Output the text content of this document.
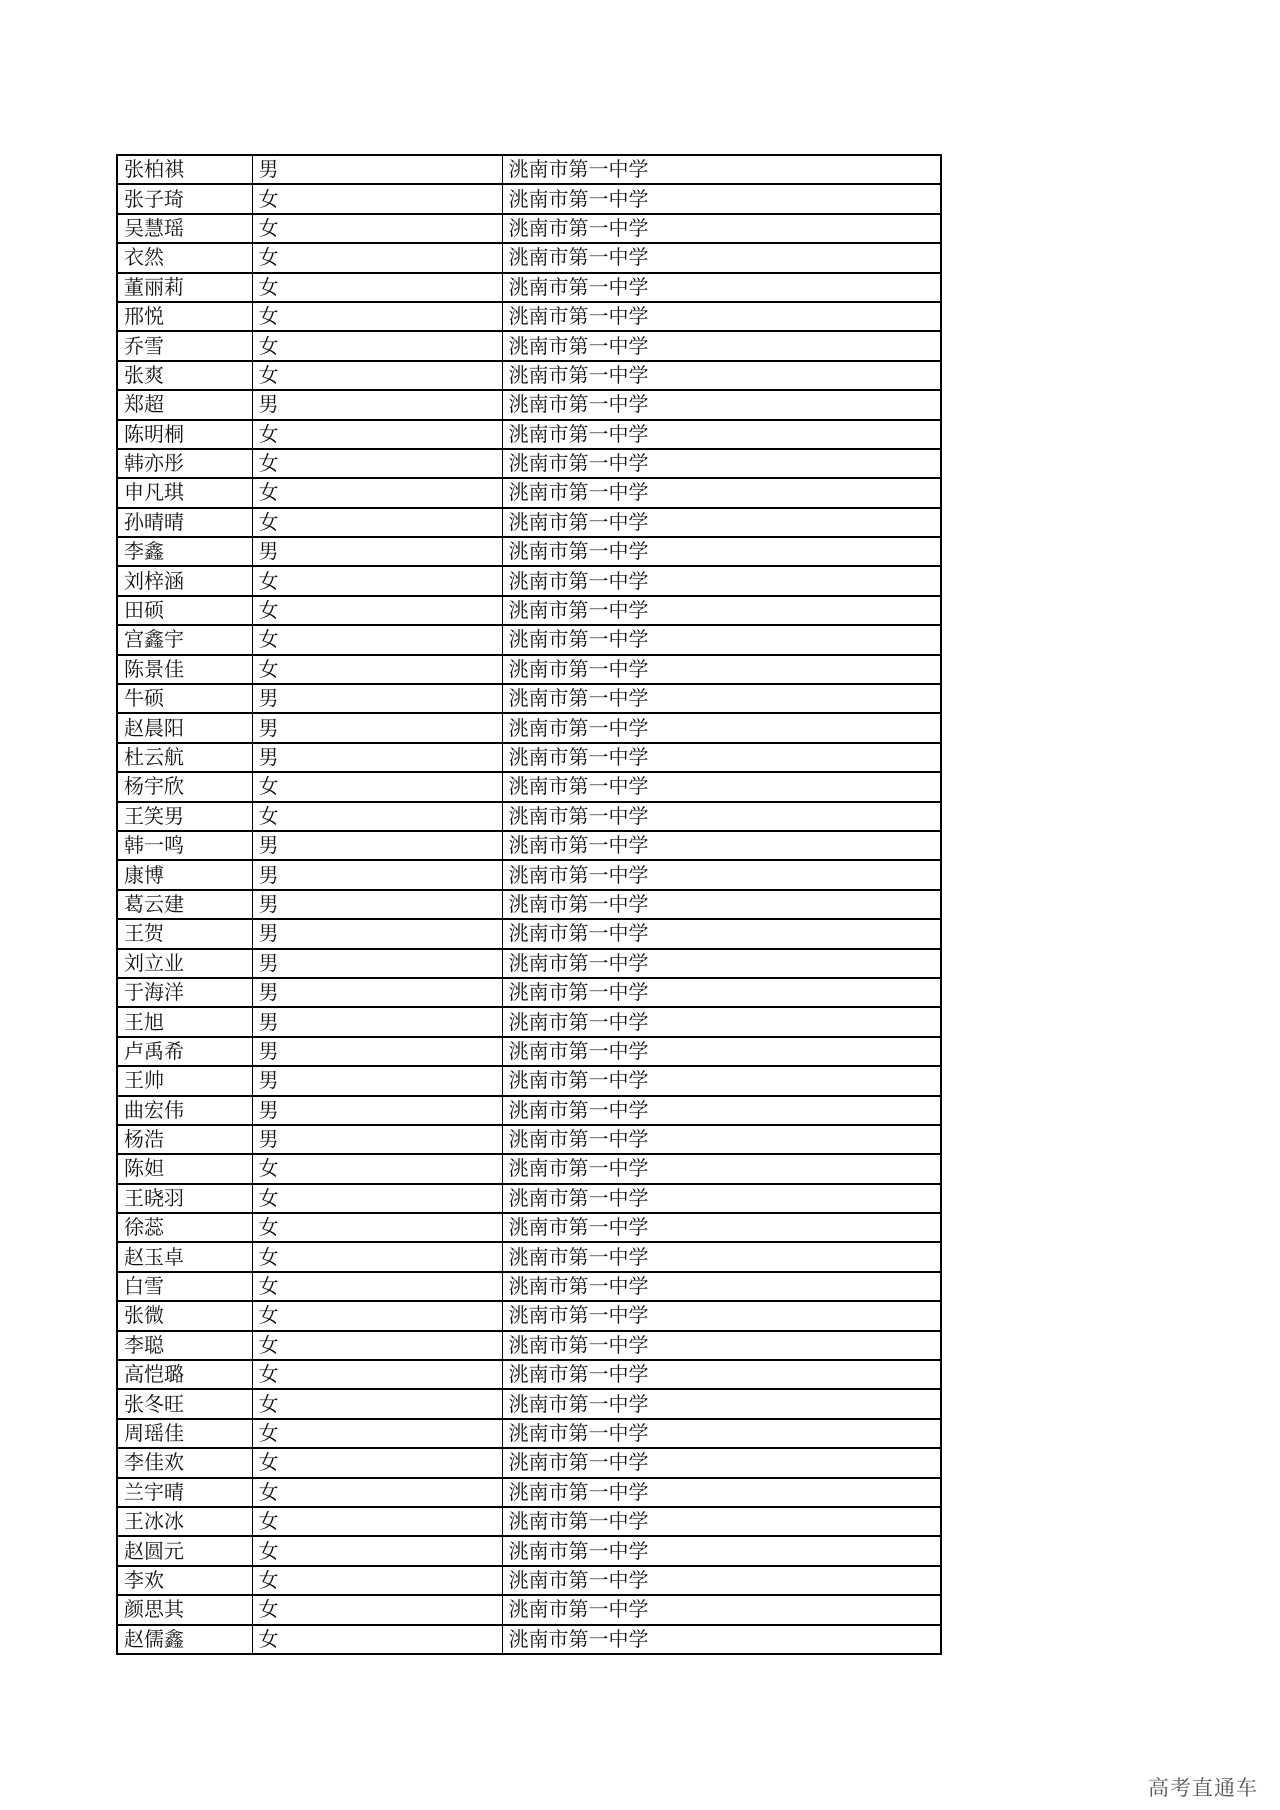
张柏祺	男	洮南市第一中学
张子琦	女	洮南市第一中学
吴慧瑶	女	洮南市第一中学
衣然	女	洮南市第一中学
董丽莉	女	洮南市第一中学
邢悦	女	洮南市第一中学
乔雪	女	洮南市第一中学
张爽	女	洮南市第一中学
郑超	男	洮南市第一中学
陈明桐	女	洮南市第一中学
韩亦彤	女	洮南市第一中学
申凡琪	女	洮南市第一中学
孙晴晴	女	洮南市第一中学
李鑫	男	洮南市第一中学
刘梓涵	女	洮南市第一中学
田硕	女	洮南市第一中学
宫鑫宇	女	洮南市第一中学
陈景佳	女	洮南市第一中学
牛硕	男	洮南市第一中学
赵晨阳	男	洮南市第一中学
杜云航	男	洮南市第一中学
杨宇欣	女	洮南市第一中学
王笑男	女	洮南市第一中学
韩一鸣	男	洮南市第一中学
康博	男	洮南市第一中学
葛云建	男	洮南市第一中学
王贺	男	洮南市第一中学
刘立业	男	洮南市第一中学
于海洋	男	洮南市第一中学
王旭	男	洮南市第一中学
卢禹希	男	洮南市第一中学
王帅	男	洮南市第一中学
曲宏伟	男	洮南市第一中学
杨浩	男	洮南市第一中学
陈妲	女	洮南市第一中学
王晓羽	女	洮南市第一中学
徐蕊	女	洮南市第一中学
赵玉卓	女	洮南市第一中学
白雪	女	洮南市第一中学
张微	女	洮南市第一中学
李聪	女	洮南市第一中学
高恺璐	女	洮南市第一中学
张冬旺	女	洮南市第一中学
周瑶佳	女	洮南市第一中学
李佳欢	女	洮南市第一中学
兰宇晴	女	洮南市第一中学
王冰冰	女	洮南市第一中学
赵圆元	女	洮南市第一中学
李欢	女	洮南市第一中学
颜思其	女	洮南市第一中学
赵儒鑫	女	洮南市第一中学
高考直通车
